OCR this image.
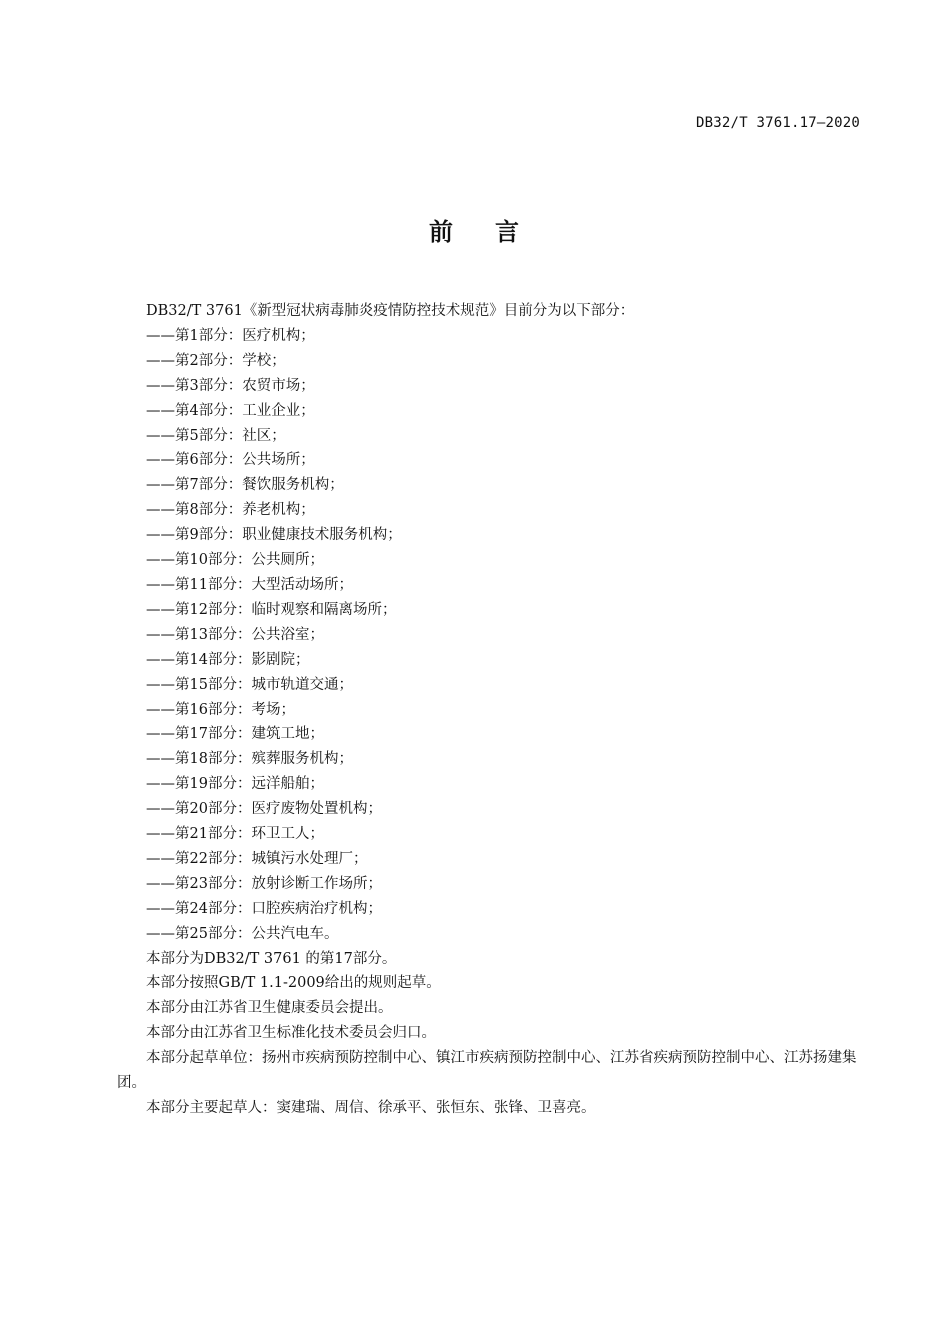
DB32/T 3761.17—2020
前 言

DB32/T 3761《新型冠状病毒肺炎疫情防控技术规范》目前分为以下部分：

——第1部分：医疗机构；

——第2部分：学校；

——第3部分：农贸市场；

——第4部分：工业企业；

——第5部分：社区；

——第6部分：公共场所；

——第7部分：餐饮服务机构；

——第8部分：养老机构；

——第9部分：职业健康技术服务机构；

——第10部分：公共厕所；

——第11部分：大型活动场所；

——第12部分：临时观察和隔离场所；

——第13部分：公共浴室；

——第14部分：影剧院；

——第15部分：城市轨道交通；

——第16部分：考场；

——第17部分：建筑工地；

——第18部分：殡葬服务机构；

——第19部分：远洋船舶；

——第20部分：医疗废物处置机构；

——第21部分：环卫工人；

——第22部分：城镇污水处理厂；

——第23部分：放射诊断工作场所；

——第24部分：口腔疾病治疗机构；

——第25部分：公共汽电车。

本部分为DB32/T 3761 的第17部分。

本部分按照GB/T 1.1-2009给出的规则起草。

本部分由江苏省卫生健康委员会提出。

本部分由江苏省卫生标准化技术委员会归口。

本部分起草单位：扬州市疾病预防控制中心、镇江市疾病预防控制中心、江苏省疾病预防控制中心、江苏扬建集团。

本部分主要起草人：窦建瑞、周信、徐承平、张恒东、张锋、卫喜亮。
